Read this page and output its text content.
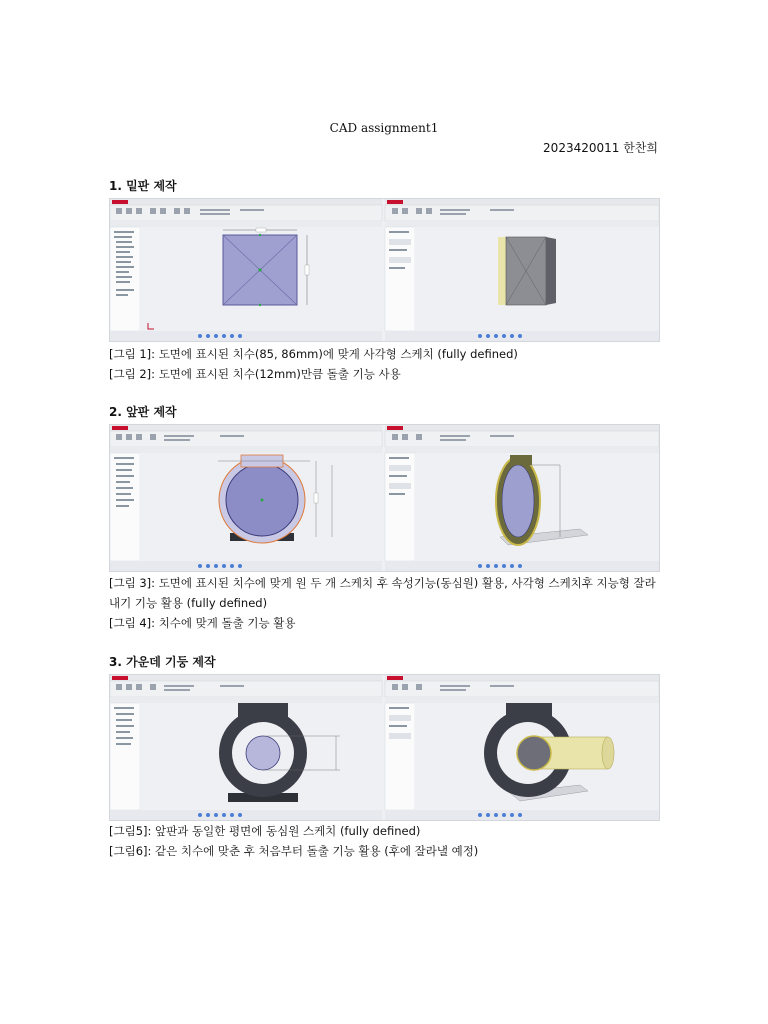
CAD assignment1
2023420011 한찬희
1. 밑판 제작
[그림 1]: 도면에 표시된 치수(85, 86mm)에 맞게 사각형 스케치 (fully defined)
[그림 2]: 도면에 표시된 치수(12mm)만큼 돌출 기능 사용
2. 앞판 제작
[그림 3]: 도면에 표시된 치수에 맞게 원 두 개 스케치 후 속성기능(동심원) 활용, 사각형 스케치후 지능형 잘라내기 기능 활용 (fully defined)
[그림 4]: 치수에 맞게 돌출 기능 활용
3. 가운데 기둥 제작
[그림5]: 앞판과 동일한 평면에 동심원 스케치 (fully defined)
[그림6]: 같은 치수에 맞춘 후 처음부터 돌출 기능 활용 (후에 잘라낼 예정)
